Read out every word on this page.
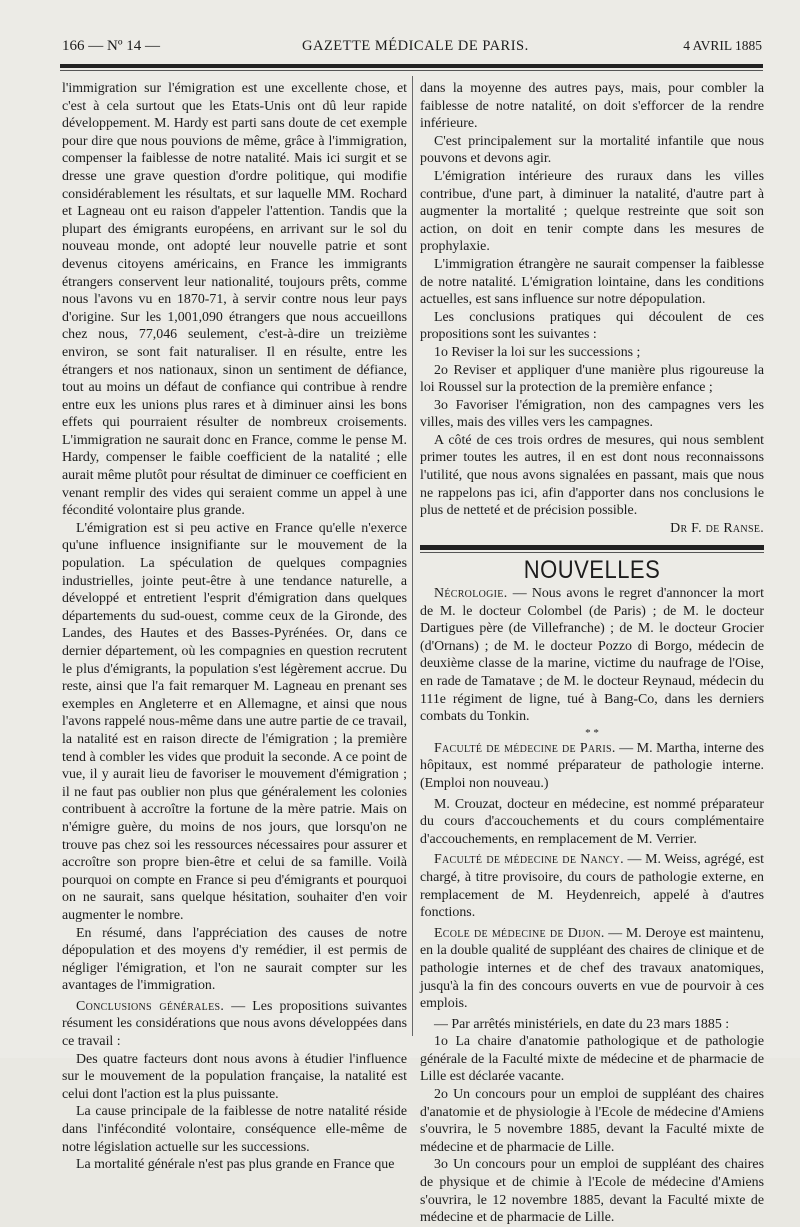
166 — Nº 14 —	GAZETTE MÉDICALE DE PARIS.	4 AVRIL 1885

l'immigration sur l'émigration est une excellente chose, et c'est à cela surtout que les Etats-Unis ont dû leur rapide développement. M. Hardy est parti sans doute de cet exemple pour dire que nous pouvions de même, grâce à l'immigration, compenser la faiblesse de notre natalité. Mais ici surgit et se dresse une grave question d'ordre politique, qui modifie considérablement les résultats, et sur laquelle MM. Rochard et Lagneau ont eu raison d'appeler l'attention. Tandis que la plupart des émigrants européens, en arrivant sur le sol du nouveau monde, ont adopté leur nouvelle patrie et sont devenus citoyens américains, en France les immigrants étrangers conservent leur nationalité, toujours prêts, comme nous l'avons vu en 1870-71, à servir contre nous leur pays d'origine. Sur les 1,001,090 étrangers que nous accueillons chez nous, 77,046 seulement, c'est-à-dire un treizième environ, se sont fait naturaliser. Il en résulte, entre les étrangers et nos nationaux, sinon un sentiment de défiance, tout au moins un défaut de confiance qui contribue à rendre entre eux les unions plus rares et à diminuer ainsi les bons effets qui pourraient résulter de nombreux croisements. L'immigration ne saurait donc en France, comme le pense M. Hardy, compenser le faible coefficient de la natalité ; elle aurait même plutôt pour résultat de diminuer ce coefficient en venant remplir des vides qui seraient comme un appel à une fécondité volontaire plus grande.

L'émigration est si peu active en France qu'elle n'exerce qu'une influence insignifiante sur le mouvement de la population. La spéculation de quelques compagnies industrielles, jointe peut-être à une tendance naturelle, a développé et entretient l'esprit d'émigration dans quelques départements du sud-ouest, comme ceux de la Gironde, des Landes, des Hautes et des Basses-Pyrénées. Or, dans ce dernier département, où les compagnies en question recrutent le plus d'émigrants, la population s'est légèrement accrue. Du reste, ainsi que l'a fait remarquer M. Lagneau en prenant ses exemples en Angleterre et en Allemagne, et ainsi que nous l'avons rappelé nous-même dans une autre partie de ce travail, la natalité est en raison directe de l'émigration ; la première tend à combler les vides que produit la seconde. A ce point de vue, il y aurait lieu de favoriser le mouvement d'émigration ; il ne faut pas oublier non plus que généralement les colonies contribuent à accroître la fortune de la mère patrie. Mais on n'émigre guère, du moins de nos jours, que lorsqu'on ne trouve pas chez soi les ressources nécessaires pour assurer et accroître son propre bien-être et celui de sa famille. Voilà pourquoi on compte en France si peu d'émigrants et pourquoi on ne saurait, sans quelque hésitation, souhaiter d'en voir augmenter le nombre.

En résumé, dans l'appréciation des causes de notre dépopulation et des moyens d'y remédier, il est permis de négliger l'émigration, et l'on ne saurait compter sur les avantages de l'immigration.

Conclusions générales. — Les propositions suivantes résument les considérations que nous avons développées dans ce travail :

Des quatre facteurs dont nous avons à étudier l'influence sur le mouvement de la population française, la natalité est celui dont l'action est la plus puissante.

La cause principale de la faiblesse de notre natalité réside dans l'infécondité volontaire, conséquence elle-même de notre législation actuelle sur les successions.

La mortalité générale n'est pas plus grande en France que

dans la moyenne des autres pays, mais, pour combler la faiblesse de notre natalité, on doit s'efforcer de la rendre inférieure.

C'est principalement sur la mortalité infantile que nous pouvons et devons agir.

L'émigration intérieure des ruraux dans les villes contribue, d'une part, à diminuer la natalité, d'autre part à augmenter la mortalité ; quelque restreinte que soit son action, on doit en tenir compte dans les mesures de prophylaxie.

L'immigration étrangère ne saurait compenser la faiblesse de notre natalité. L'émigration lointaine, dans les conditions actuelles, est sans influence sur notre dépopulation.

Les conclusions pratiques qui découlent de ces propositions sont les suivantes :

1o Reviser la loi sur les successions ;

2o Reviser et appliquer d'une manière plus rigoureuse la loi Roussel sur la protection de la première enfance ;

3o Favoriser l'émigration, non des campagnes vers les villes, mais des villes vers les campagnes.

A côté de ces trois ordres de mesures, qui nous semblent primer toutes les autres, il en est dont nous reconnaissons l'utilité, que nous avons signalées en passant, mais que nous ne rappelons pas ici, afin d'apporter dans nos conclusions le plus de netteté et de précision possible.

Dr F. de Ranse.

NOUVELLES

Nécrologie. — Nous avons le regret d'annoncer la mort de M. le docteur Colombel (de Paris) ; de M. le docteur Dartigues père (de Villefranche) ; de M. le docteur Grocier (d'Ornans) ; de M. le docteur Pozzo di Borgo, médecin de deuxième classe de la marine, victime du naufrage de l'Oise, en rade de Tamatave ; de M. le docteur Reynaud, médecin du 111e régiment de ligne, tué à Bang-Co, dans les derniers combats du Tonkin.

* *

Faculté de médecine de Paris. — M. Martha, interne des hôpitaux, est nommé préparateur de pathologie interne. (Emploi non nouveau.)

M. Crouzat, docteur en médecine, est nommé préparateur du cours d'accouchements et du cours complémentaire d'accouchements, en remplacement de M. Verrier.

Faculté de médecine de Nancy. — M. Weiss, agrégé, est chargé, à titre provisoire, du cours de pathologie externe, en remplacement de M. Heydenreich, appelé à d'autres fonctions.

Ecole de médecine de Dijon. — M. Deroye est maintenu, en la double qualité de suppléant des chaires de clinique et de pathologie internes et de chef des travaux anatomiques, jusqu'à la fin des concours ouverts en vue de pourvoir à ces emplois.

— Par arrêtés ministériels, en date du 23 mars 1885 :

1o La chaire d'anatomie pathologique et de pathologie générale de la Faculté mixte de médecine et de pharmacie de Lille est déclarée vacante.

2o Un concours pour un emploi de suppléant des chaires d'anatomie et de physiologie à l'Ecole de médecine d'Amiens s'ouvrira, le 5 novembre 1885, devant la Faculté mixte de médecine et de pharmacie de Lille.

3o Un concours pour un emploi de suppléant des chaires de physique et de chimie à l'Ecole de médecine d'Amiens s'ouvrira, le 12 novembre 1885, devant la Faculté mixte de médecine et de pharmacie de Lille.
